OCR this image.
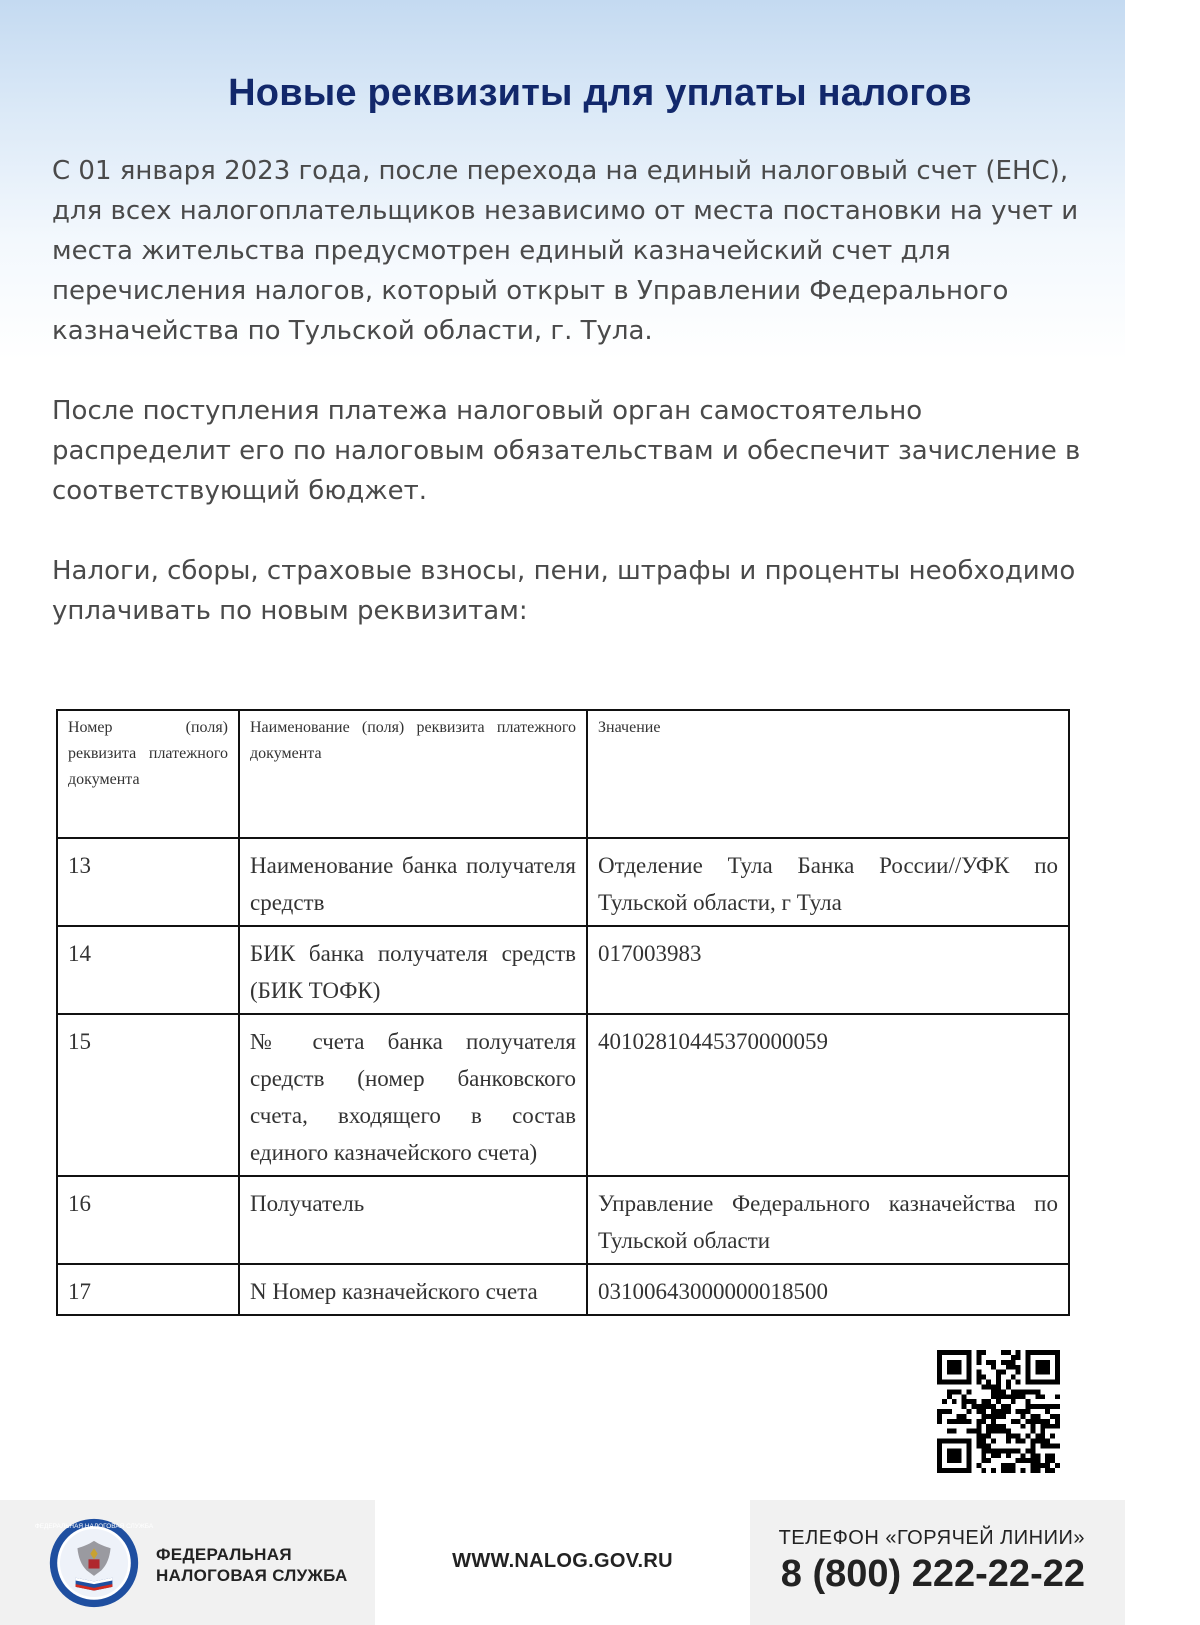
Новые реквизиты для уплаты налогов

С 01 января 2023 года, после перехода на единый налоговый счет (ЕНС), для всех налогоплательщиков независимо от места постановки на учет и места жительства предусмотрен единый казначейский счет для перечисления налогов, который открыт в Управлении Федерального казначейства по Тульской области, г. Тула.

После поступления платежа налоговый орган самостоятельно распределит его по налоговым обязательствам и обеспечит зачисление в соответствующий бюджет.

Налоги, сборы, страховые взносы, пени, штрафы и проценты необходимо уплачивать по новым реквизитам:

Номер (поля) реквизита платежного документа	Наименование (поля) реквизита платежного документа	Значение
13	Наименование банка получателя средств	Отделение Тула Банка России//УФК по Тульской области, г Тула
14	БИК банка получателя средств (БИК ТОФК)	017003983
15	№ счета банка получателя средств (номер банковского счета, входящего в состав единого казначейского счета)	40102810445370000059
16	Получатель	Управление Федерального казначейства по Тульской области
17	N Номер казначейского счета	03100643000000018500
ФЕДЕРАЛЬНАЯ НАЛОГОВАЯ СЛУЖБА
ФЕДЕРАЛЬНАЯ
НАЛОГОВАЯ СЛУЖБА
WWW.NALOG.GOV.RU
ТЕЛЕФОН «ГОРЯЧЕЙ ЛИНИИ»
8 (800) 222-22-22
